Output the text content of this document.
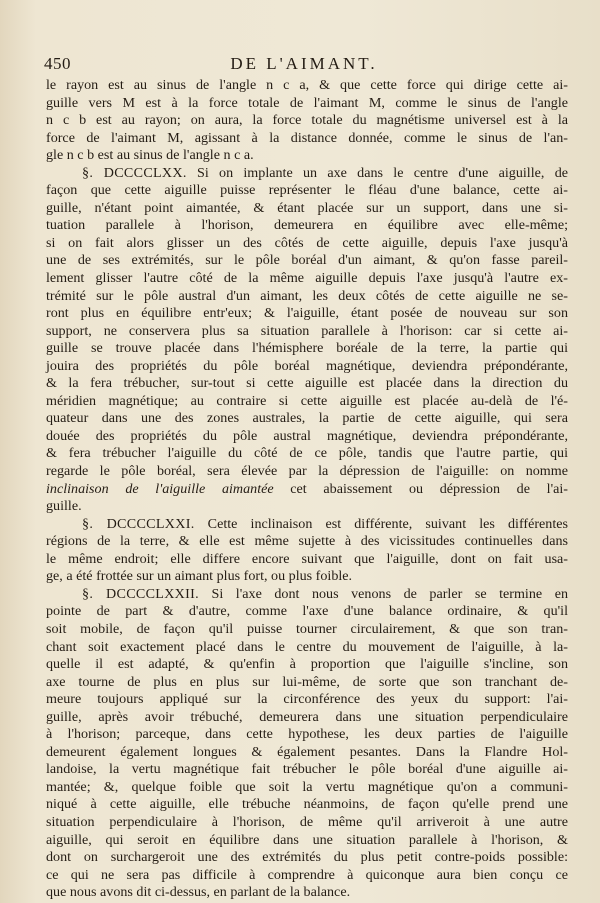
450	DE L'AIMANT.
le rayon est au sinus de l'angle n c a, & que cette force qui dirige cette ai-
guille vers M est à la force totale de l'aimant M, comme le sinus de l'angle
n c b est au rayon; on aura, la force totale du magnétisme universel est à la
force de l'aimant M, agissant à la distance donnée, comme le sinus de l'an-
gle n c b est au sinus de l'angle n c a.
§. DCCCCLXX. Si on implante un axe dans le centre d'une aiguille, de
façon que cette aiguille puisse représenter le fléau d'une balance, cette ai-
guille, n'étant point aimantée, & étant placée sur un support, dans une si-
tuation parallele à l'horison, demeurera en équilibre avec elle-même;
si on fait alors glisser un des côtés de cette aiguille, depuis l'axe jusqu'à
une de ses extrémités, sur le pôle boréal d'un aimant, & qu'on fasse pareil-
lement glisser l'autre côté de la même aiguille depuis l'axe jusqu'à l'autre ex-
trémité sur le pôle austral d'un aimant, les deux côtés de cette aiguille ne se-
ront plus en équilibre entr'eux; & l'aiguille, étant posée de nouveau sur son
support, ne conservera plus sa situation parallele à l'horison: car si cette ai-
guille se trouve placée dans l'hémisphere boréale de la terre, la partie qui
jouira des propriétés du pôle boréal magnétique, deviendra prépondérante,
& la fera trébucher, sur-tout si cette aiguille est placée dans la direction du
méridien magnétique; au contraire si cette aiguille est placée au-delà de l'é-
quateur dans une des zones australes, la partie de cette aiguille, qui sera
douée des propriétés du pôle austral magnétique, deviendra prépondérante,
& fera trébucher l'aiguille du côté de ce pôle, tandis que l'autre partie, qui
regarde le pôle boréal, sera élevée par la dépression de l'aiguille: on nomme
inclinaison de l'aiguille aimantée cet abaissement ou dépression de l'ai-
guille.
§. DCCCCLXXI. Cette inclinaison est différente, suivant les différentes
régions de la terre, & elle est même sujette à des vicissitudes continuelles dans
le même endroit; elle differe encore suivant que l'aiguille, dont on fait usa-
ge, a été frottée sur un aimant plus fort, ou plus foible.
§. DCCCCLXXII. Si l'axe dont nous venons de parler se termine en
pointe de part & d'autre, comme l'axe d'une balance ordinaire, & qu'il
soit mobile, de façon qu'il puisse tourner circulairement, & que son tran-
chant soit exactement placé dans le centre du mouvement de l'aiguille, à la-
quelle il est adapté, & qu'enfin à proportion que l'aiguille s'incline, son
axe tourne de plus en plus sur lui-même, de sorte que son tranchant de-
meure toujours appliqué sur la circonférence des yeux du support: l'ai-
guille, après avoir trébuché, demeurera dans une situation perpendiculaire
à l'horison; parceque, dans cette hypothese, les deux parties de l'aiguille
demeurent également longues & également pesantes. Dans la Flandre Hol-
landoise, la vertu magnétique fait trébucher le pôle boréal d'une aiguille ai-
mantée; &, quelque foible que soit la vertu magnétique qu'on a communi-
niqué à cette aiguille, elle trébuche néanmoins, de façon qu'elle prend une
situation perpendiculaire à l'horison, de même qu'il arriveroit à une autre
aiguille, qui seroit en équilibre dans une situation parallele à l'horison, &
dont on surchargeroit une des extrémités du plus petit contre-poids possible:
ce qui ne sera pas difficile à comprendre à quiconque aura bien conçu ce
que nous avons dit ci-dessus, en parlant de la balance.
